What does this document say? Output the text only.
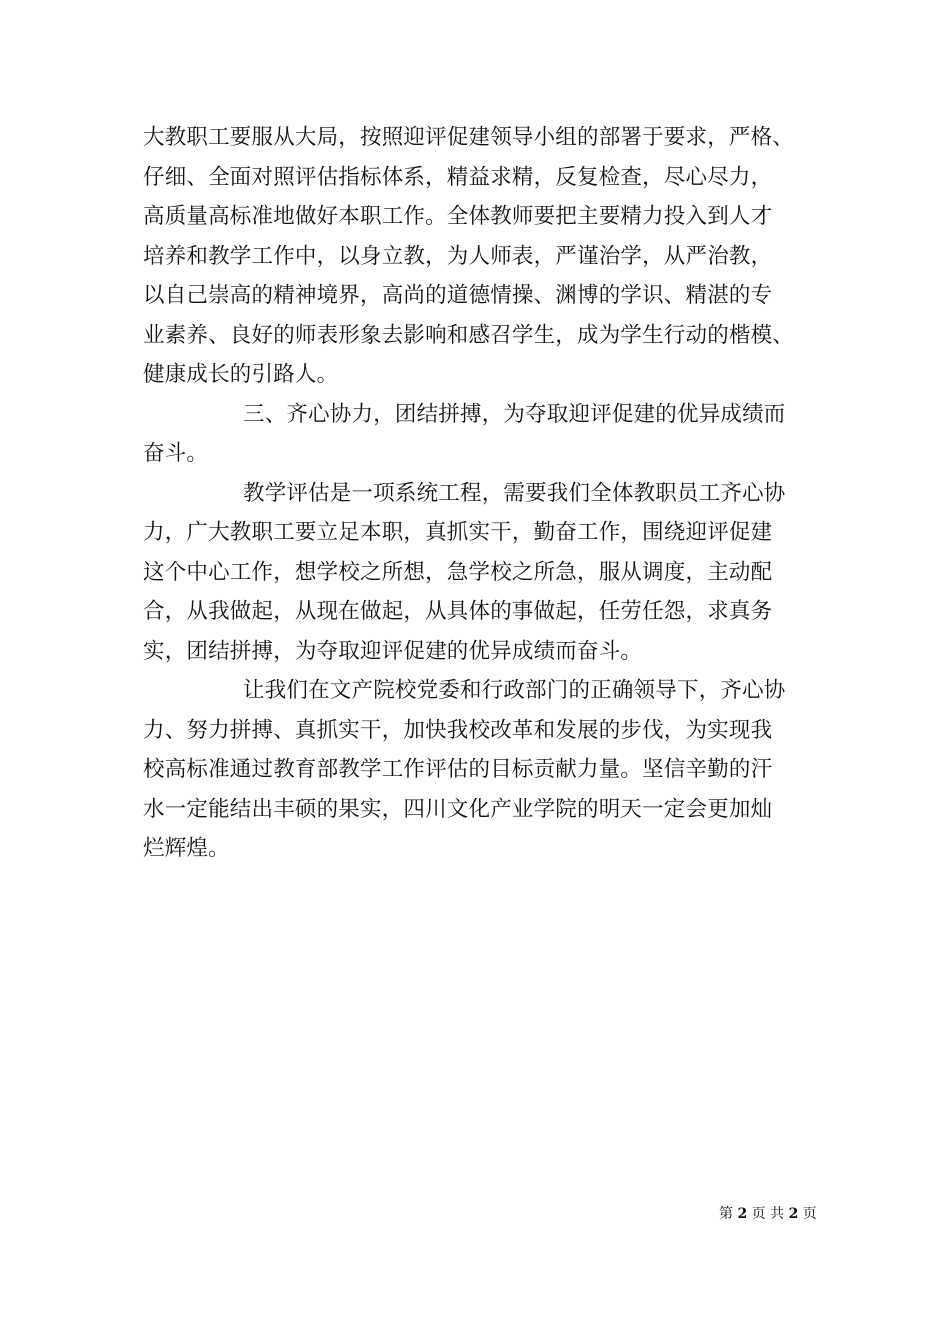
大教职工要服从大局，按照迎评促建领导小组的部署于要求，严格、
仔细、全面对照评估指标体系，精益求精，反复检查，尽心尽力，
高质量高标准地做好本职工作。全体教师要把主要精力投入到人才
培养和教学工作中，以身立教，为人师表，严谨治学，从严治教，
以自己崇高的精神境界，高尚的道德情操、渊博的学识、精湛的专
业素养、良好的师表形象去影响和感召学生，成为学生行动的楷模、
健康成长的引路人。
三、齐心协力，团结拼搏，为夺取迎评促建的优异成绩而
奋斗。
教学评估是一项系统工程，需要我们全体教职员工齐心协
力，广大教职工要立足本职，真抓实干，勤奋工作，围绕迎评促建
这个中心工作，想学校之所想，急学校之所急，服从调度，主动配
合，从我做起，从现在做起，从具体的事做起，任劳任怨，求真务
实，团结拼搏，为夺取迎评促建的优异成绩而奋斗。
让我们在文产院校党委和行政部门的正确领导下，齐心协
力、努力拼搏、真抓实干，加快我校改革和发展的步伐，为实现我
校高标准通过教育部教学工作评估的目标贡献力量。坚信辛勤的汗
水一定能结出丰硕的果实，四川文化产业学院的明天一定会更加灿
烂辉煌。
第 2 页 共 2 页
